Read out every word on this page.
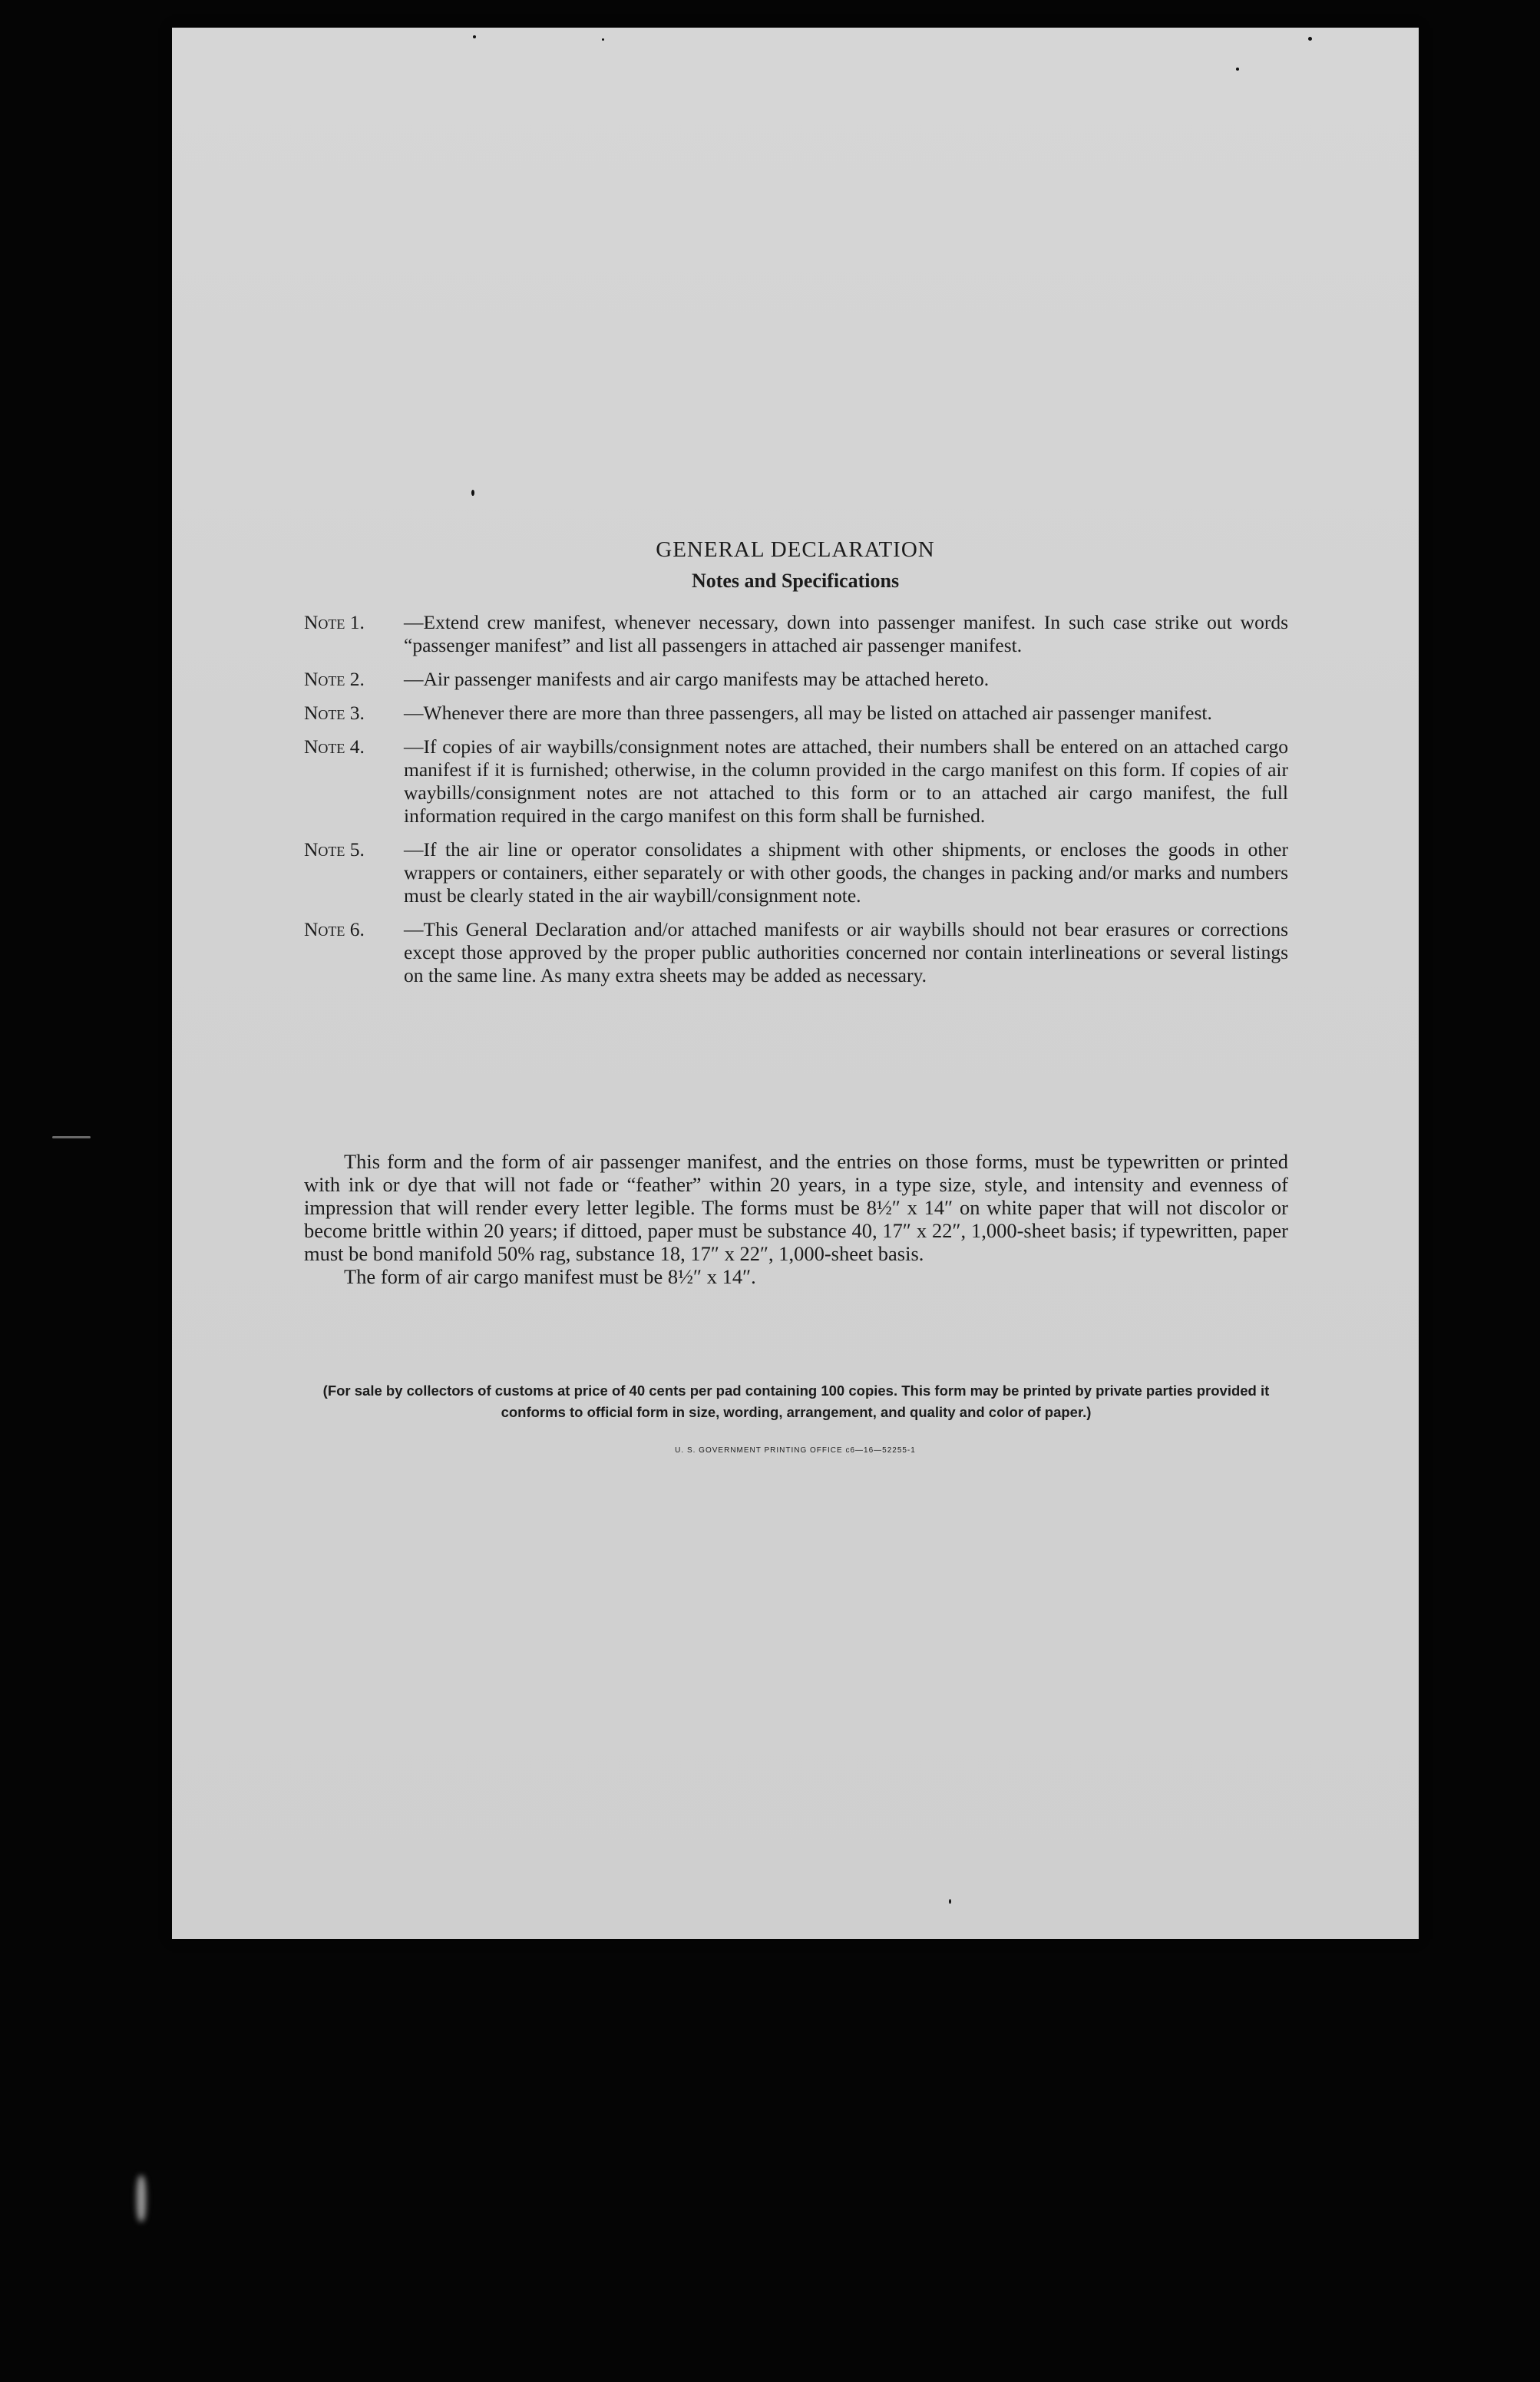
GENERAL DECLARATION
Notes and Specifications
Note 1.	—Extend crew manifest, whenever necessary, down into passenger manifest. In such case strike out words “passenger manifest” and list all passengers in attached air passenger manifest.
Note 2.	—Air passenger manifests and air cargo manifests may be attached hereto.
Note 3.	—Whenever there are more than three passengers, all may be listed on attached air passenger manifest.
Note 4.	—If copies of air waybills/consignment notes are attached, their numbers shall be entered on an attached cargo manifest if it is furnished; otherwise, in the column provided in the cargo manifest on this form. If copies of air waybills/consignment notes are not attached to this form or to an attached air cargo manifest, the full information required in the cargo manifest on this form shall be furnished.
Note 5.	—If the air line or operator consolidates a shipment with other shipments, or encloses the goods in other wrappers or containers, either separately or with other goods, the changes in packing and/or marks and numbers must be clearly stated in the air waybill/consignment note.
Note 6.	—This General Declaration and/or attached manifests or air waybills should not bear erasures or corrections except those approved by the proper public authorities concerned nor contain interlineations or several listings on the same line. As many extra sheets may be added as necessary.

This form and the form of air passenger manifest, and the entries on those forms, must be typewritten or printed with ink or dye that will not fade or “feather” within 20 years, in a type size, style, and intensity and evenness of impression that will render every letter legible. The forms must be 8½″ x 14″ on white paper that will not discolor or become brittle within 20 years; if dittoed, paper must be substance 40, 17″ x 22″, 1,000-sheet basis; if typewritten, paper must be bond manifold 50% rag, substance 18, 17″ x 22″, 1,000-sheet basis.

The form of air cargo manifest must be 8½″ x 14″.

(For sale by collectors of customs at price of 40 cents per pad containing 100 copies. This form may be printed by private parties provided it conforms to official form in size, wording, arrangement, and quality and color of paper.)
U. S. GOVERNMENT PRINTING OFFICE c6—16—52255-1
